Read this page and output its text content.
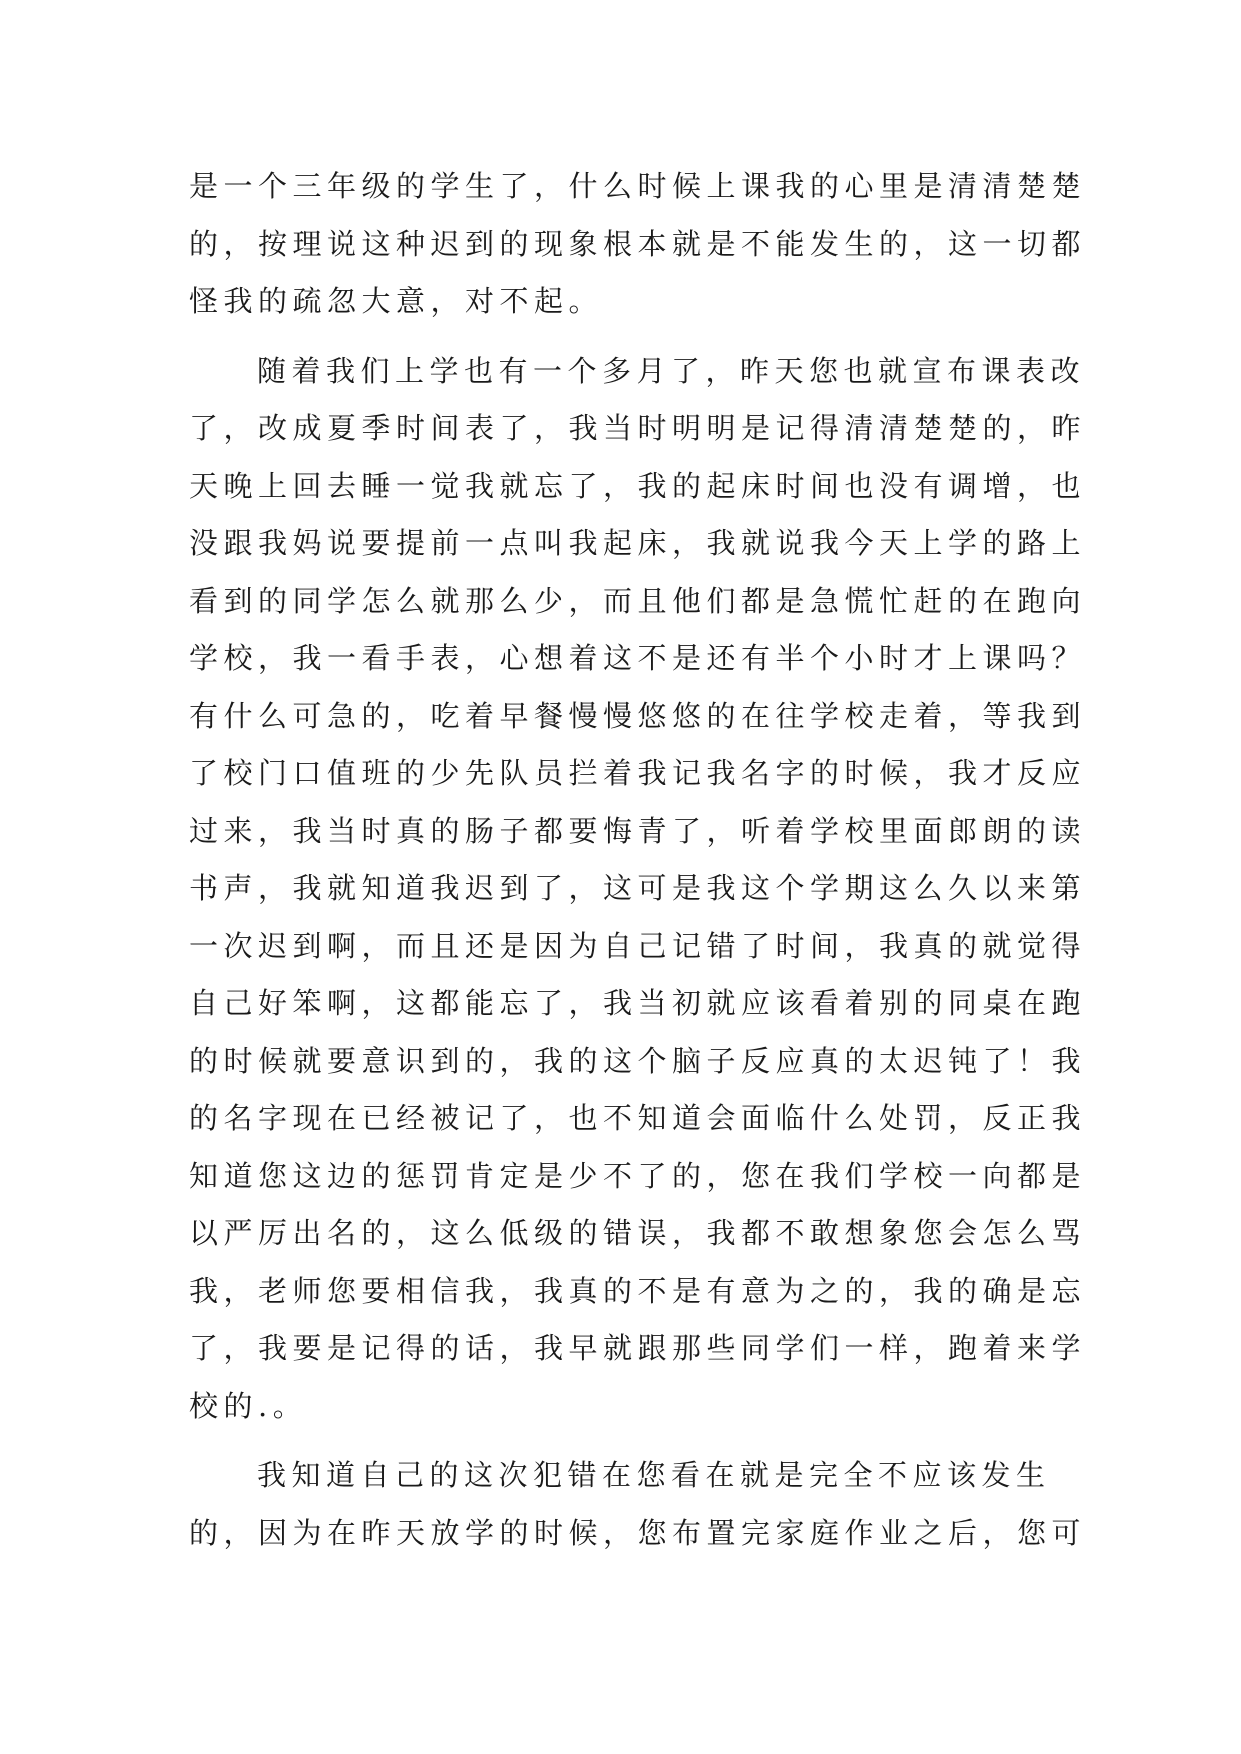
是一个三年级的学生了，什么时候上课我的心里是清清楚楚
的，按理说这种迟到的现象根本就是不能发生的，这一切都
怪我的疏忽大意，对不起。
随着我们上学也有一个多月了，昨天您也就宣布课表改
了，改成夏季时间表了，我当时明明是记得清清楚楚的，昨
天晚上回去睡一觉我就忘了，我的起床时间也没有调增，也
没跟我妈说要提前一点叫我起床，我就说我今天上学的路上
看到的同学怎么就那么少，而且他们都是急慌忙赶的在跑向
学校，我一看手表，心想着这不是还有半个小时才上课吗？
有什么可急的，吃着早餐慢慢悠悠的在往学校走着，等我到
了校门口值班的少先队员拦着我记我名字的时候，我才反应
过来，我当时真的肠子都要悔青了，听着学校里面郎朗的读
书声，我就知道我迟到了，这可是我这个学期这么久以来第
一次迟到啊，而且还是因为自己记错了时间，我真的就觉得
自己好笨啊，这都能忘了，我当初就应该看着别的同桌在跑
的时候就要意识到的，我的这个脑子反应真的太迟钝了！我
的名字现在已经被记了，也不知道会面临什么处罚，反正我
知道您这边的惩罚肯定是少不了的，您在我们学校一向都是
以严厉出名的，这么低级的错误，我都不敢想象您会怎么骂
我，老师您要相信我，我真的不是有意为之的，我的确是忘
了，我要是记得的话，我早就跟那些同学们一样，跑着来学
校的.。
我知道自己的这次犯错在您看在就是完全不应该发生
的，因为在昨天放学的时候，您布置完家庭作业之后，您可
